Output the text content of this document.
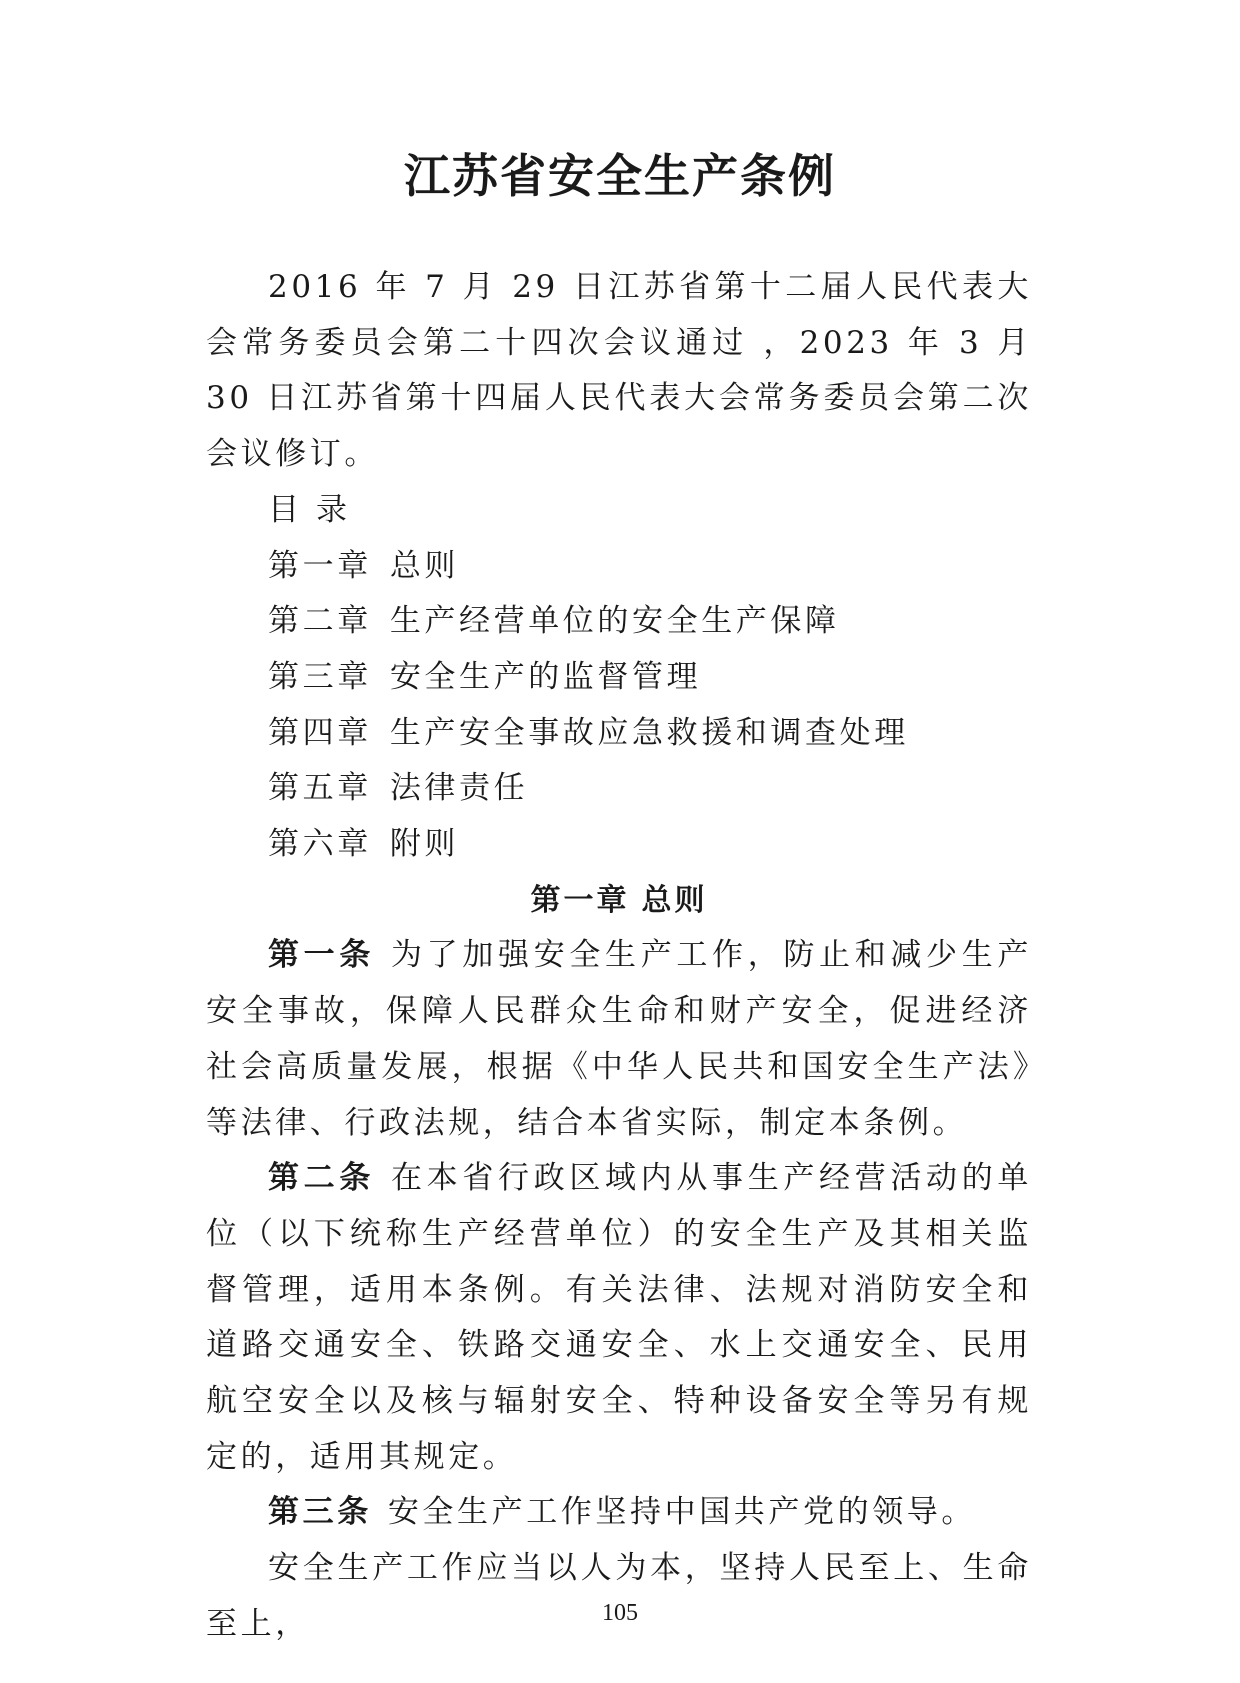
江苏省安全生产条例

2016 年 7 月 29 日江苏省第十二届人民代表大会常务委员会第二十四次会议通过 ，2023 年 3 月 30 日江苏省第十四届人民代表大会常务委员会第二次会议修订。

目 录
第一章 总则
第二章 生产经营单位的安全生产保障
第三章 安全生产的监督管理
第四章 生产安全事故应急救援和调查处理
第五章 法律责任
第六章 附则
第一章 总则

第一条 为了加强安全生产工作，防止和减少生产安全事故，保障人民群众生命和财产安全，促进经济社会高质量发展，根据《中华人民共和国安全生产法》等法律、行政法规，结合本省实际，制定本条例。

第二条 在本省行政区域内从事生产经营活动的单位（以下统称生产经营单位）的安全生产及其相关监督管理，适用本条例。有关法律、法规对消防安全和道路交通安全、铁路交通安全、水上交通安全、民用航空安全以及核与辐射安全、特种设备安全等另有规定的，适用其规定。

第三条 安全生产工作坚持中国共产党的领导。

安全生产工作应当以人为本，坚持人民至上、生命至上，	105
